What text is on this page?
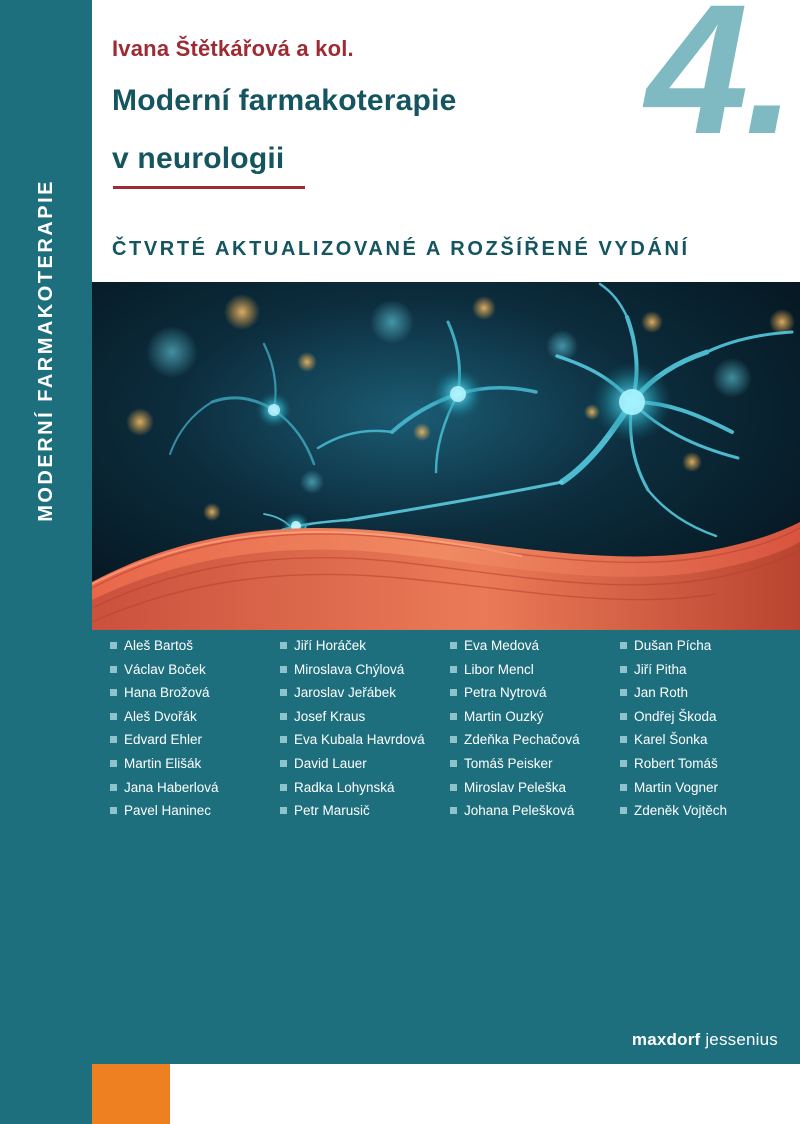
MODERNÍ FARMAKOTERAPIE
4.
Ivana Štětkářová a kol.
Moderní farmakoterapie
v neurologii
ČTVRTÉ AKTUALIZOVANÉ A ROZŠÍŘENÉ VYDÁNÍ
Aleš Bartoš
Václav Boček
Hana Brožová
Aleš Dvořák
Edvard Ehler
Martin Elišák
Jana Haberlová
Pavel Haninec
Jiří Horáček
Miroslava Chýlová
Jaroslav Jeřábek
Josef Kraus
Eva Kubala Havrdová
David Lauer
Radka Lohynská
Petr Marusič
Eva Medová
Libor Mencl
Petra Nytrová
Martin Ouzký
Zdeňka Pechačová
Tomáš Peisker
Miroslav Peleška
Johana Pelešková
Dušan Pícha
Jiří Pitha
Jan Roth
Ondřej Škoda
Karel Šonka
Robert Tomáš
Martin Vogner
Zdeněk Vojtěch
maxdorf jessenius
